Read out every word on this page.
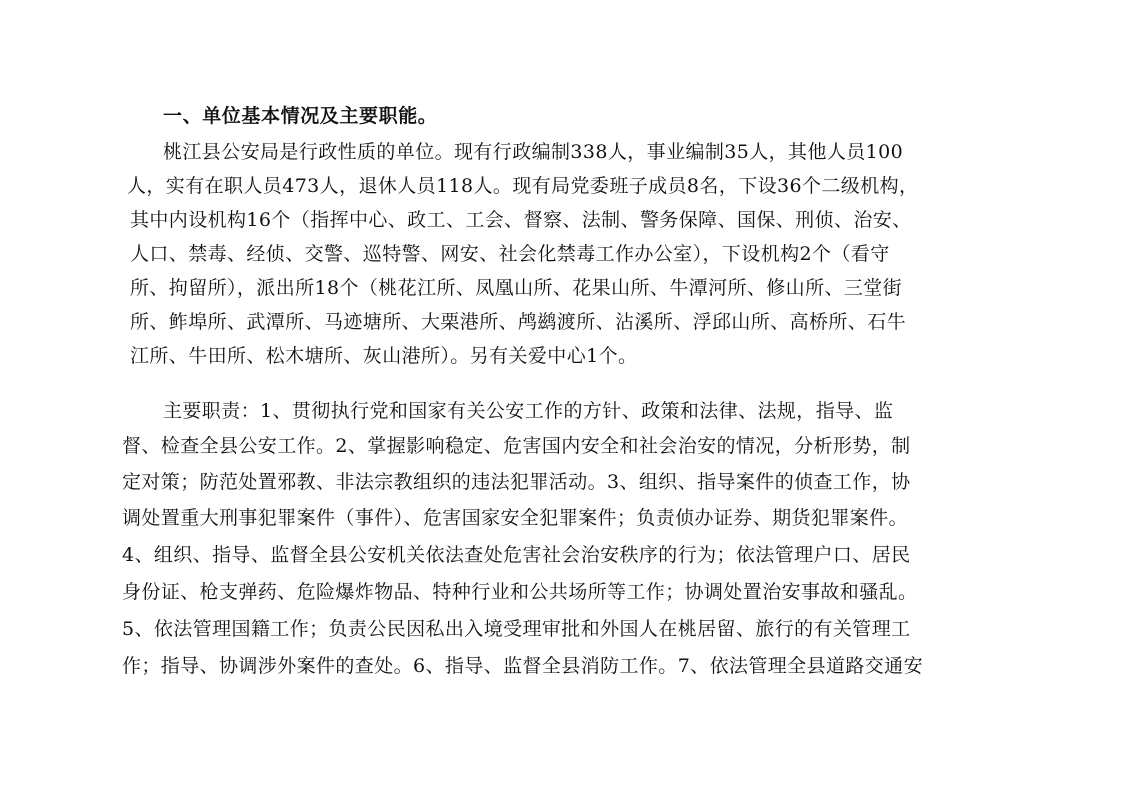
一、单位基本情况及主要职能。
桃江县公安局是行政性质的单位。现有行政编制338人，事业编制35人，其他人员100
人，实有在职人员473人，退休人员118人。现有局党委班子成员8名，下设36个二级机构，
其中内设机构16个（指挥中心、政工、工会、督察、法制、警务保障、国保、刑侦、治安、
人口、禁毒、经侦、交警、巡特警、网安、社会化禁毒工作办公室），下设机构2个（看守
所、拘留所），派出所18个（桃花江所、凤凰山所、花果山所、牛潭河所、修山所、三堂街
所、鲊埠所、武潭所、马迹塘所、大栗港所、鸬鹚渡所、沾溪所、浮邱山所、高桥所、石牛
江所、牛田所、松木塘所、灰山港所）。另有关爱中心1个。
主要职责：1、贯彻执行党和国家有关公安工作的方针、政策和法律、法规，指导、监
督、检查全县公安工作。2、掌握影响稳定、危害国内安全和社会治安的情况，分析形势，制
定对策；防范处置邪教、非法宗教组织的违法犯罪活动。3、组织、指导案件的侦查工作，协
调处置重大刑事犯罪案件（事件）、危害国家安全犯罪案件；负责侦办证券、期货犯罪案件。
4、组织、指导、监督全县公安机关依法查处危害社会治安秩序的行为；依法管理户口、居民
身份证、枪支弹药、危险爆炸物品、特种行业和公共场所等工作；协调处置治安事故和骚乱。
5、依法管理国籍工作；负责公民因私出入境受理审批和外国人在桃居留、旅行的有关管理工
作；指导、协调涉外案件的查处。6、指导、监督全县消防工作。7、依法管理全县道路交通安
